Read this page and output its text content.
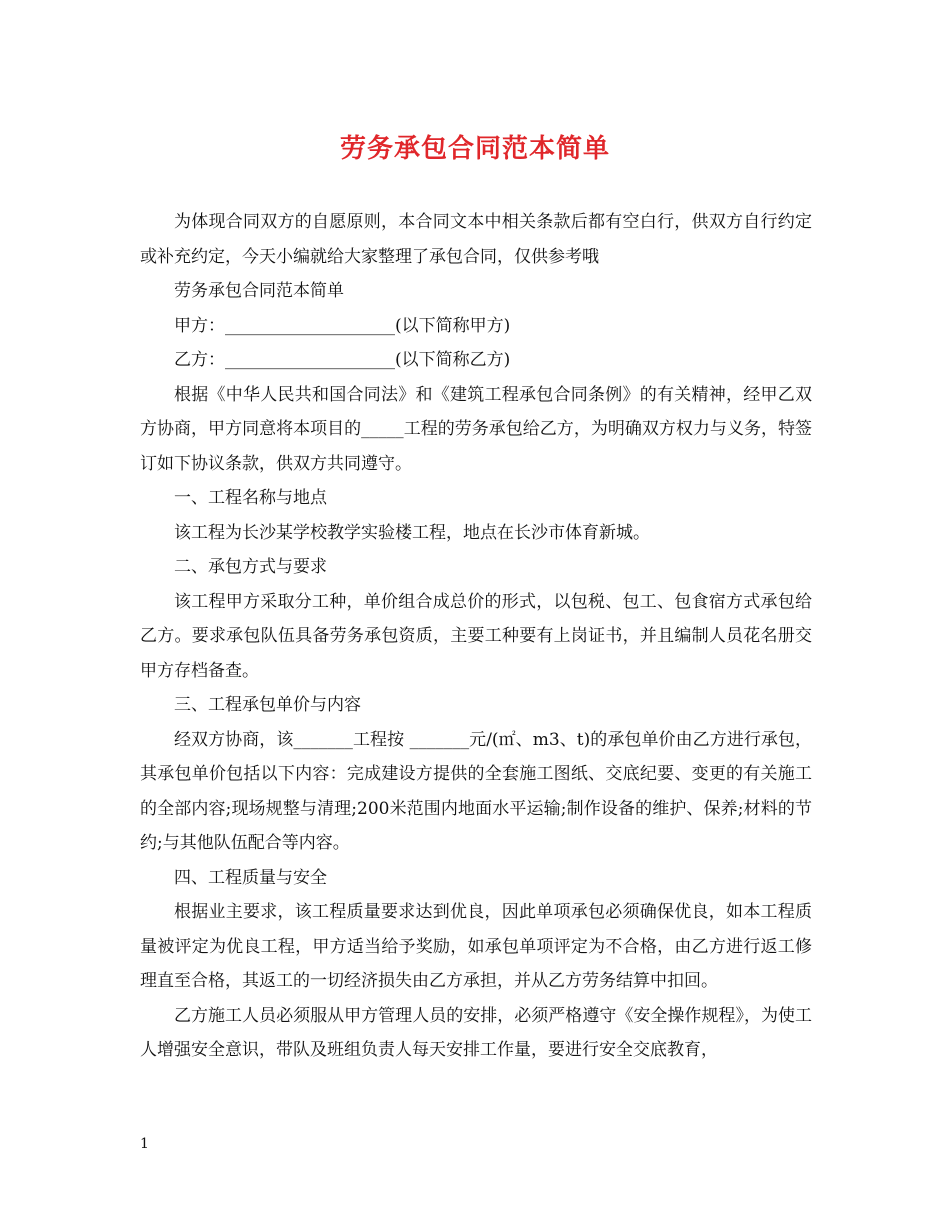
劳务承包合同范本简单

为体现合同双方的自愿原则，本合同文本中相关条款后都有空白行，供双方自行约定或补充约定，今天小编就给大家整理了承包合同，仅供参考哦

劳务承包合同范本简单

甲方：____________________(以下简称甲方)

乙方：____________________(以下简称乙方)

根据《中华人民共和国合同法》和《建筑工程承包合同条例》的有关精神，经甲乙双方协商，甲方同意将本项目的_____工程的劳务承包给乙方，为明确双方权力与义务，特签订如下协议条款，供双方共同遵守。

一、工程名称与地点

该工程为长沙某学校教学实验楼工程，地点在长沙市体育新城。

二、承包方式与要求

该工程甲方采取分工种，单价组合成总价的形式，以包税、包工、包食宿方式承包给乙方。要求承包队伍具备劳务承包资质，主要工种要有上岗证书，并且编制人员花名册交甲方存档备查。

三、工程承包单价与内容

经双方协商，该_______工程按 _______元/(㎡、m3、t)的承包单价由乙方进行承包，其承包单价包括以下内容：完成建设方提供的全套施工图纸、交底纪要、变更的有关施工的全部内容;现场规整与清理;200米范围内地面水平运输;制作设备的维护、保养;材料的节约;与其他队伍配合等内容。

四、工程质量与安全

根据业主要求，该工程质量要求达到优良，因此单项承包必须确保优良，如本工程质量被评定为优良工程，甲方适当给予奖励，如承包单项评定为不合格，由乙方进行返工修理直至合格，其返工的一切经济损失由乙方承担，并从乙方劳务结算中扣回。

乙方施工人员必须服从甲方管理人员的安排，必须严格遵守《安全操作规程》，为使工人增强安全意识，带队及班组负责人每天安排工作量，要进行安全交底教育，

1
